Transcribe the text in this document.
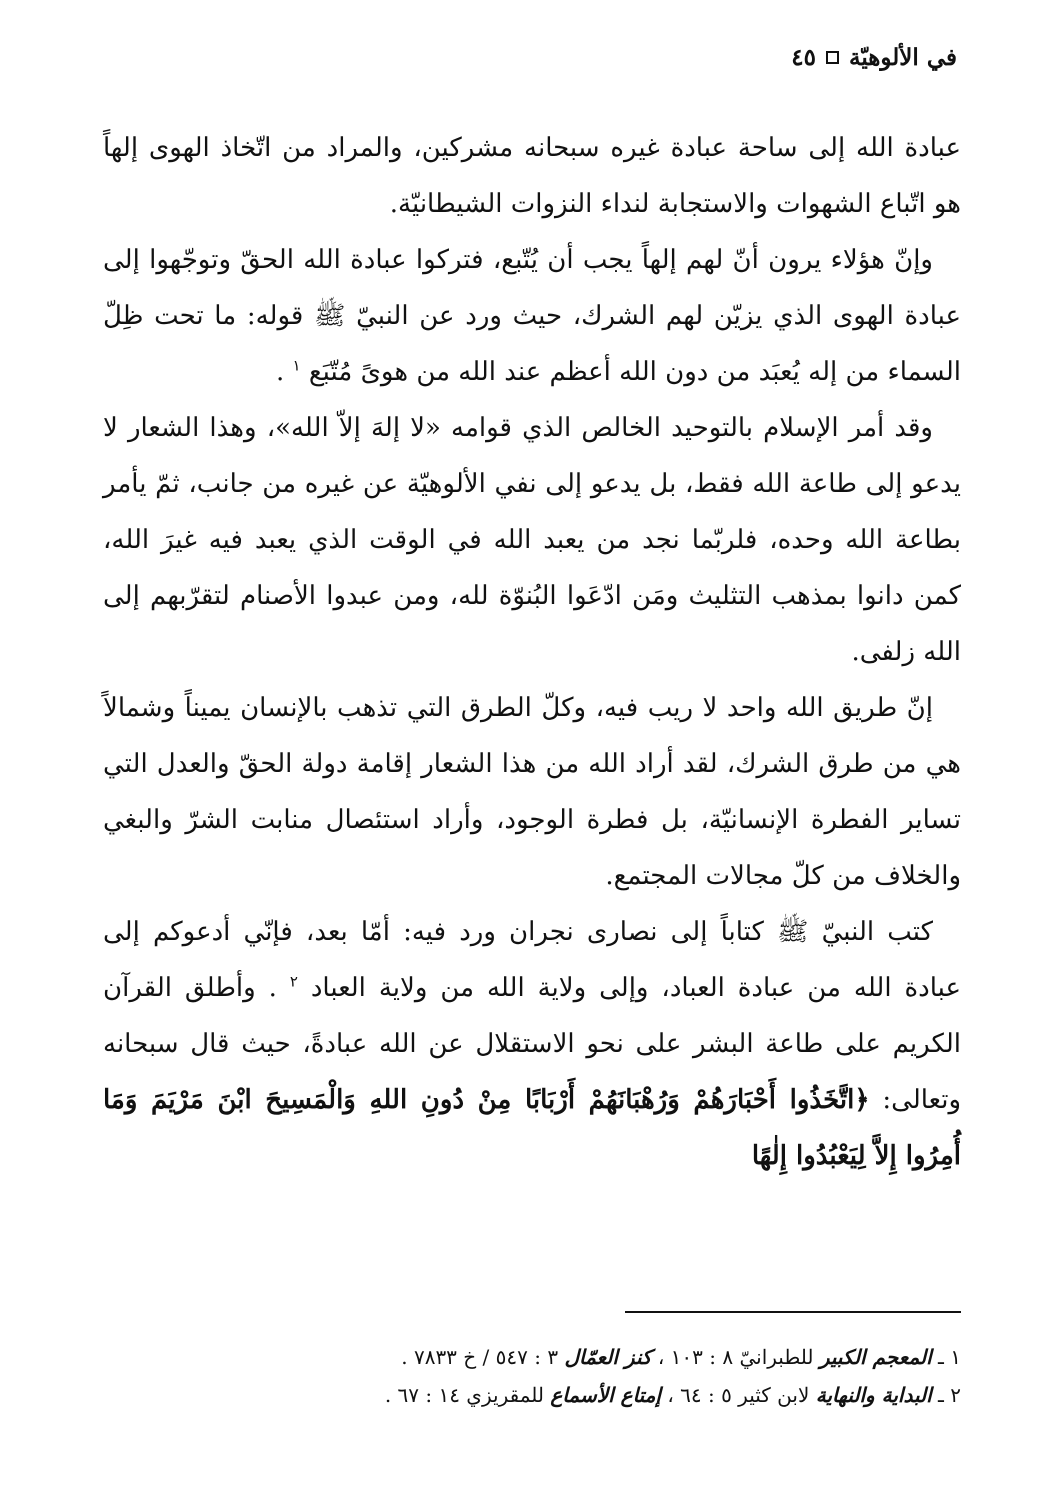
في الألوهيّة
٤٥

عبادة الله إلى ساحة عبادة غيره سبحانه مشركين، والمراد من اتّخاذ الهوى إلهاً هو اتّباع الشهوات والاستجابة لنداء النزوات الشيطانيّة.

وإنّ هؤلاء يرون أنّ لهم إلهاً يجب أن يُتّبع، فتركوا عبادة الله الحقّ وتوجّهوا إلى عبادة الهوى الذي يزيّن لهم الشرك، حيث ورد عن النبيّ ﷺ قوله: ما تحت ظِلّ السماء من إله يُعبَد من دون الله أعظم عند الله من هوىً مُتّبَع $^١$ .

وقد أمر الإسلام بالتوحيد الخالص الذي قوامه «لا إلهَ إلاّ الله»، وهذا الشعار لا يدعو إلى طاعة الله فقط، بل يدعو إلى نفي الألوهيّة عن غيره من جانب، ثمّ يأمر بطاعة الله وحده، فلربّما نجد من يعبد الله في الوقت الذي يعبد فيه غيرَ الله، كمن دانوا بمذهب التثليث ومَن ادّعَوا البُنوّة لله، ومن عبدوا الأصنام لتقرّبهم إلى الله زلفى.

إنّ طريق الله واحد لا ريب فيه، وكلّ الطرق التي تذهب بالإنسان يميناً وشمالاً هي من طرق الشرك، لقد أراد الله من هذا الشعار إقامة دولة الحقّ والعدل التي تساير الفطرة الإنسانيّة، بل فطرة الوجود، وأراد استئصال منابت الشرّ والبغي والخلاف من كلّ مجالات المجتمع.

كتب النبيّ ﷺ كتاباً إلى نصارى نجران ورد فيه: أمّا بعد، فإنّي أدعوكم إلى عبادة الله من عبادة العباد، وإلى ولاية الله من ولاية العباد $^٢$ . وأطلق القرآن الكريم على طاعة البشر على نحو الاستقلال عن الله عبادةً، حيث قال سبحانه وتعالى: ﴿اتَّخَذُوا أَحْبَارَهُمْ وَرُهْبَانَهُمْ أَرْبَابًا مِنْ دُونِ اللهِ وَالْمَسِيحَ ابْنَ مَرْيَمَ وَمَا أُمِرُوا إِلاَّ لِيَعْبُدُوا إِلٰهًا

١ ـ المعجم الكبير للطبرانيّ ٨ : ١٠٣ ، كنز العمّال ٣ : ٥٤٧ / خ ٧٨٣٣ .
٢ ـ البداية والنهاية لابن كثير ٥ : ٦٤ ، إمتاع الأسماع للمقريزي ١٤ : ٦٧ .
